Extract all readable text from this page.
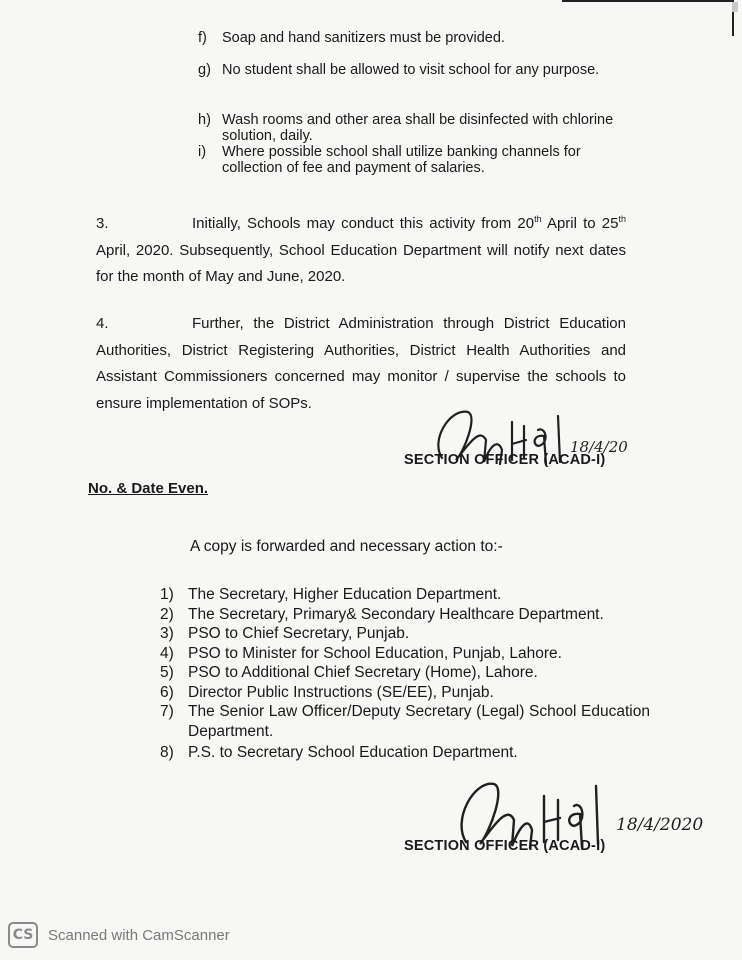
f)	Soap and hand sanitizers must be provided.
g) No student shall be allowed to visit school for any purpose.
h) Wash rooms and other area shall be disinfected with chlorine solution, daily.
i)	Where possible school shall utilize banking channels for collection of fee and payment of salaries.
3.	Initially, Schools may conduct this activity from 20th April to 25th April, 2020. Subsequently, School Education Department will notify next dates for the month of May and June, 2020.
4.	Further, the District Administration through District Education Authorities, District Registering Authorities, District Health Authorities and Assistant Commissioners concerned may monitor / supervise the schools to ensure implementation of SOPs.
18/4/20
SECTION OFFICER (ACAD-I)
No. & Date Even.
A copy is forwarded and necessary action to:-
1) The Secretary, Higher Education Department.
2) The Secretary, Primary& Secondary Healthcare Department.
3) PSO to Chief Secretary, Punjab.
4) PSO to Minister for School Education, Punjab, Lahore.
5) PSO to Additional Chief Secretary (Home), Lahore.
6) Director Public Instructions (SE/EE), Punjab.
7) The Senior Law Officer/Deputy Secretary (Legal) School Education Department.
8) P.S. to Secretary School Education Department.
18/4/2020
SECTION OFFICER (ACAD-I)
CS Scanned with CamScanner
